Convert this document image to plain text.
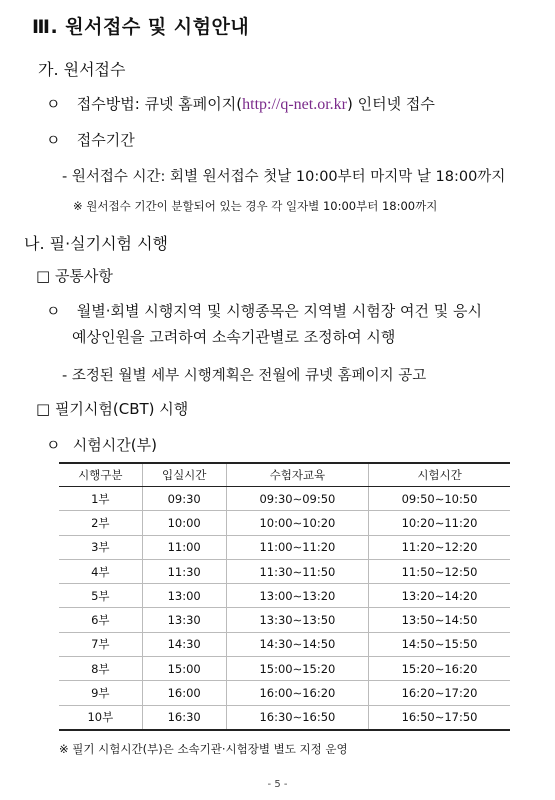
Ⅲ. 원서접수 및 시험안내
가. 원서접수
ㅇ 접수방법: 큐넷 홈페이지(http://q-net.or.kr) 인터넷 접수
ㅇ 접수기간
- 원서접수 시간: 회별 원서접수 첫날 10:00부터 마지막 날 18:00까지
※ 원서접수 기간이 분할되어 있는 경우 각 일자별 10:00부터 18:00까지
나. 필·실기시험 시행
□ 공통사항
ㅇ 월별·회별 시행지역 및 시행종목은 지역별 시험장 여건 및 응시
예상인원을 고려하여 소속기관별로 조정하여 시행
- 조정된 월별 세부 시행계획은 전월에 큐넷 홈페이지 공고
□ 필기시험(CBT) 시행
ㅇ 시험시간(부)
시행구분	입실시간	수험자교육	시험시간
1부	09:30	09:30∼09:50	09:50∼10:50
2부	10:00	10:00∼10:20	10:20∼11:20
3부	11:00	11:00∼11:20	11:20∼12:20
4부	11:30	11:30∼11:50	11:50∼12:50
5부	13:00	13:00∼13:20	13:20∼14:20
6부	13:30	13:30∼13:50	13:50∼14:50
7부	14:30	14:30∼14:50	14:50∼15:50
8부	15:00	15:00∼15:20	15:20∼16:20
9부	16:00	16:00∼16:20	16:20∼17:20
10부	16:30	16:30∼16:50	16:50∼17:50
※ 필기 시험시간(부)은 소속기관·시험장별 별도 지정 운영
- 5 -
